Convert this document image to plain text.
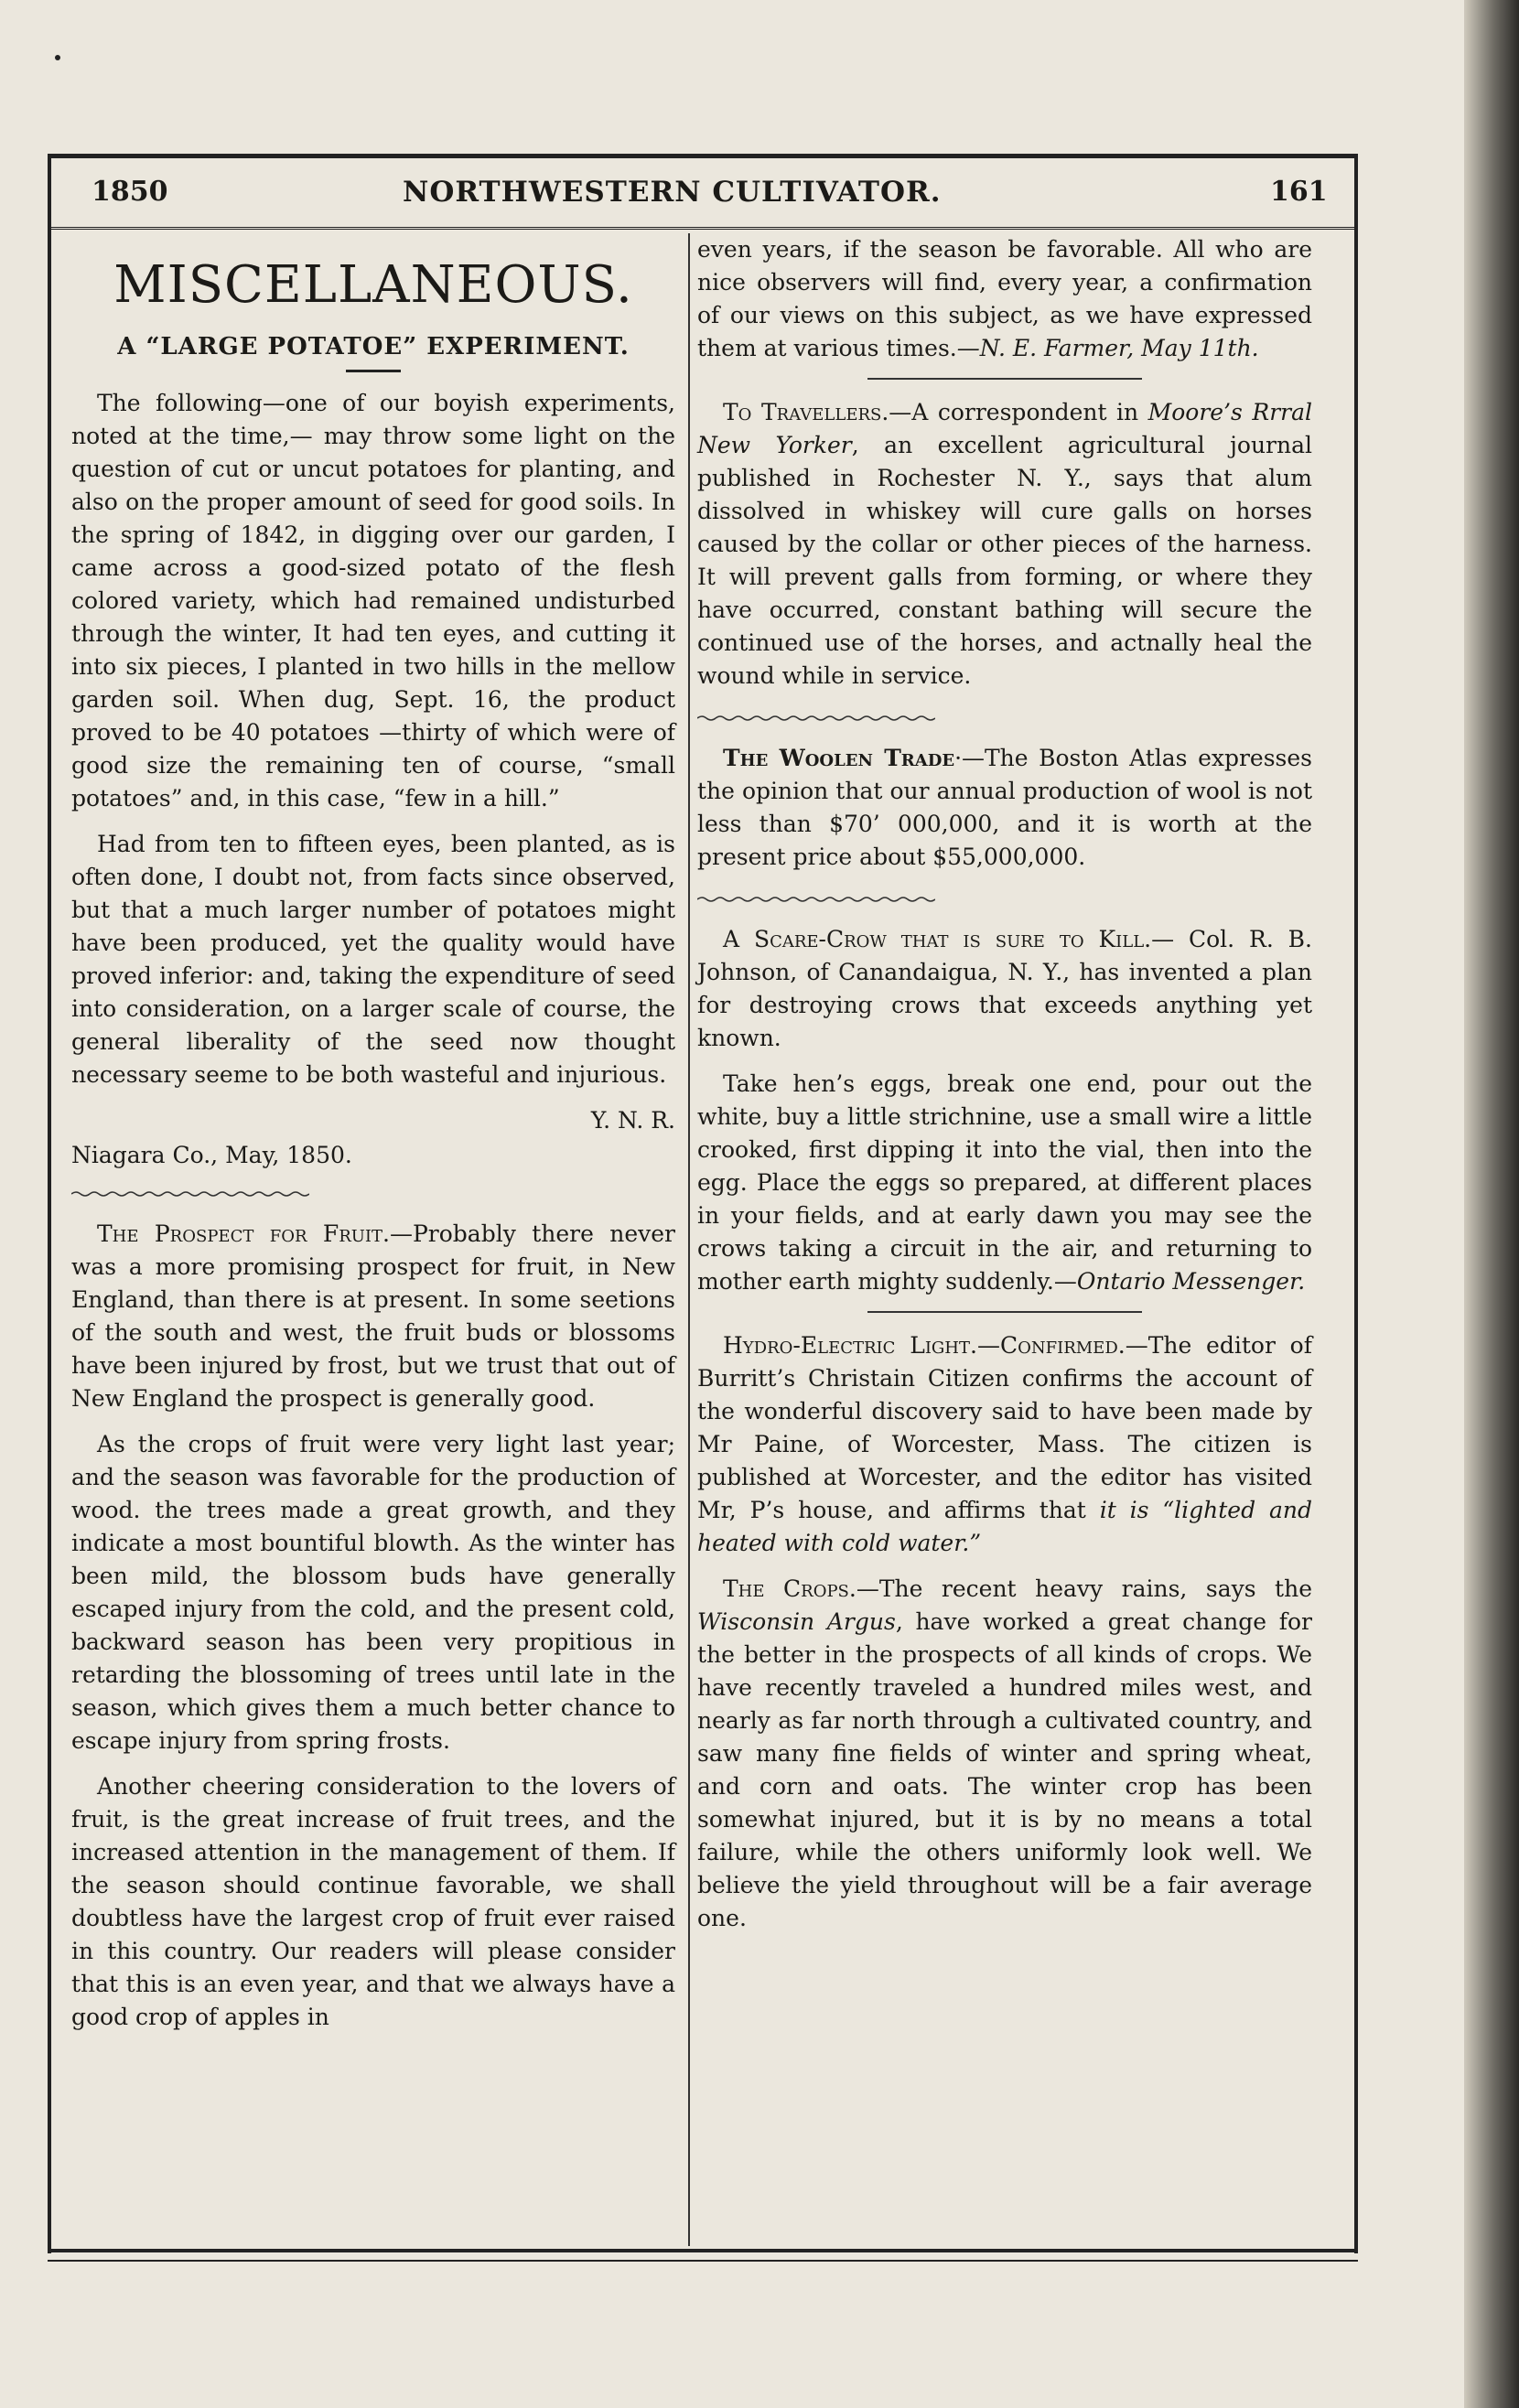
1850	NORTHWESTERN CULTIVATOR.	161
MISCELLANEOUS.
A “LARGE POTATOE” EXPERIMENT.

The following—one of our boyish experiments, noted at the time,— may throw some light on the question of cut or uncut potatoes for planting, and also on the proper amount of seed for good soils. In the spring of 1842, in digging over our garden, I came across a good-sized potato of the flesh colored variety, which had remained undisturbed through the winter, It had ten eyes, and cutting it into six pieces, I planted in two hills in the mellow garden soil. When dug, Sept. 16, the product proved to be 40 potatoes —thirty of which were of good size the remaining ten of course, “small potatoes” and, in this case, “few in a hill.”

Had from ten to fifteen eyes, been planted, as is often done, I doubt not, from facts since observed, but that a much larger number of potatoes might have been produced, yet the quality would have proved inferior: and, taking the expenditure of seed into consideration, on a larger scale of course, the general liberality of the seed now thought necessary seeme to be both wasteful and injurious.

Y. N. R.
Niagara Co., May, 1850.

The Prospect for Fruit.—Probably there never was a more promising prospect for fruit, in New England, than there is at present. In some seetions of the south and west, the fruit buds or blossoms have been injured by frost, but we trust that out of New England the prospect is generally good.

As the crops of fruit were very light last year; and the season was favorable for the production of wood. the trees made a great growth, and they indicate a most bountiful blowth. As the winter has been mild, the blossom buds have generally escaped injury from the cold, and the present cold, backward season has been very propitious in retarding the blossoming of trees until late in the season, which gives them a much better chance to escape injury from spring frosts.

Another cheering consideration to the lovers of fruit, is the great increase of fruit trees, and the increased attention in the management of them. If the season should continue favorable, we shall doubtless have the largest crop of fruit ever raised in this country. Our readers will please consider that this is an even year, and that we always have a good crop of apples in

even years, if the season be favorable. All who are nice observers will find, every year, a confirmation of our views on this subject, as we have expressed them at various times.—N. E. Farmer, May 11th.

To Travellers.—A correspondent in Moore’s Rrral New Yorker, an excellent agricultural journal published in Rochester N. Y., says that alum dissolved in whiskey will cure galls on horses caused by the collar or other pieces of the harness. It will prevent galls from forming, or where they have occurred, constant bathing will secure the continued use of the horses, and actnally heal the wound while in service.

The Woolen Trade·—The Boston Atlas expresses the opinion that our annual production of wool is not less than $70’ 000,000, and it is worth at the present price about $55,000,000.

A Scare-Crow that is sure to Kill.— Col. R. B. Johnson, of Canandaigua, N. Y., has invented a plan for destroying crows that exceeds anything yet known.

Take hen’s eggs, break one end, pour out the white, buy a little strichnine, use a small wire a little crooked, first dipping it into the vial, then into the egg. Place the eggs so prepared, at different places in your fields, and at early dawn you may see the crows taking a circuit in the air, and returning to mother earth mighty suddenly.—Ontario Messenger.

Hydro-Electric Light.—Confirmed.—The editor of Burritt’s Christain Citizen confirms the account of the wonderful discovery said to have been made by Mr Paine, of Worcester, Mass. The citizen is published at Worcester, and the editor has visited Mr, P’s house, and affirms that it is “lighted and heated with cold water.”

The Crops.—The recent heavy rains, says the Wisconsin Argus, have worked a great change for the better in the prospects of all kinds of crops. We have recently traveled a hundred miles west, and nearly as far north through a cultivated country, and saw many fine fields of winter and spring wheat, and corn and oats. The winter crop has been somewhat injured, but it is by no means a total failure, while the others uniformly look well. We believe the yield throughout will be a fair average one.
